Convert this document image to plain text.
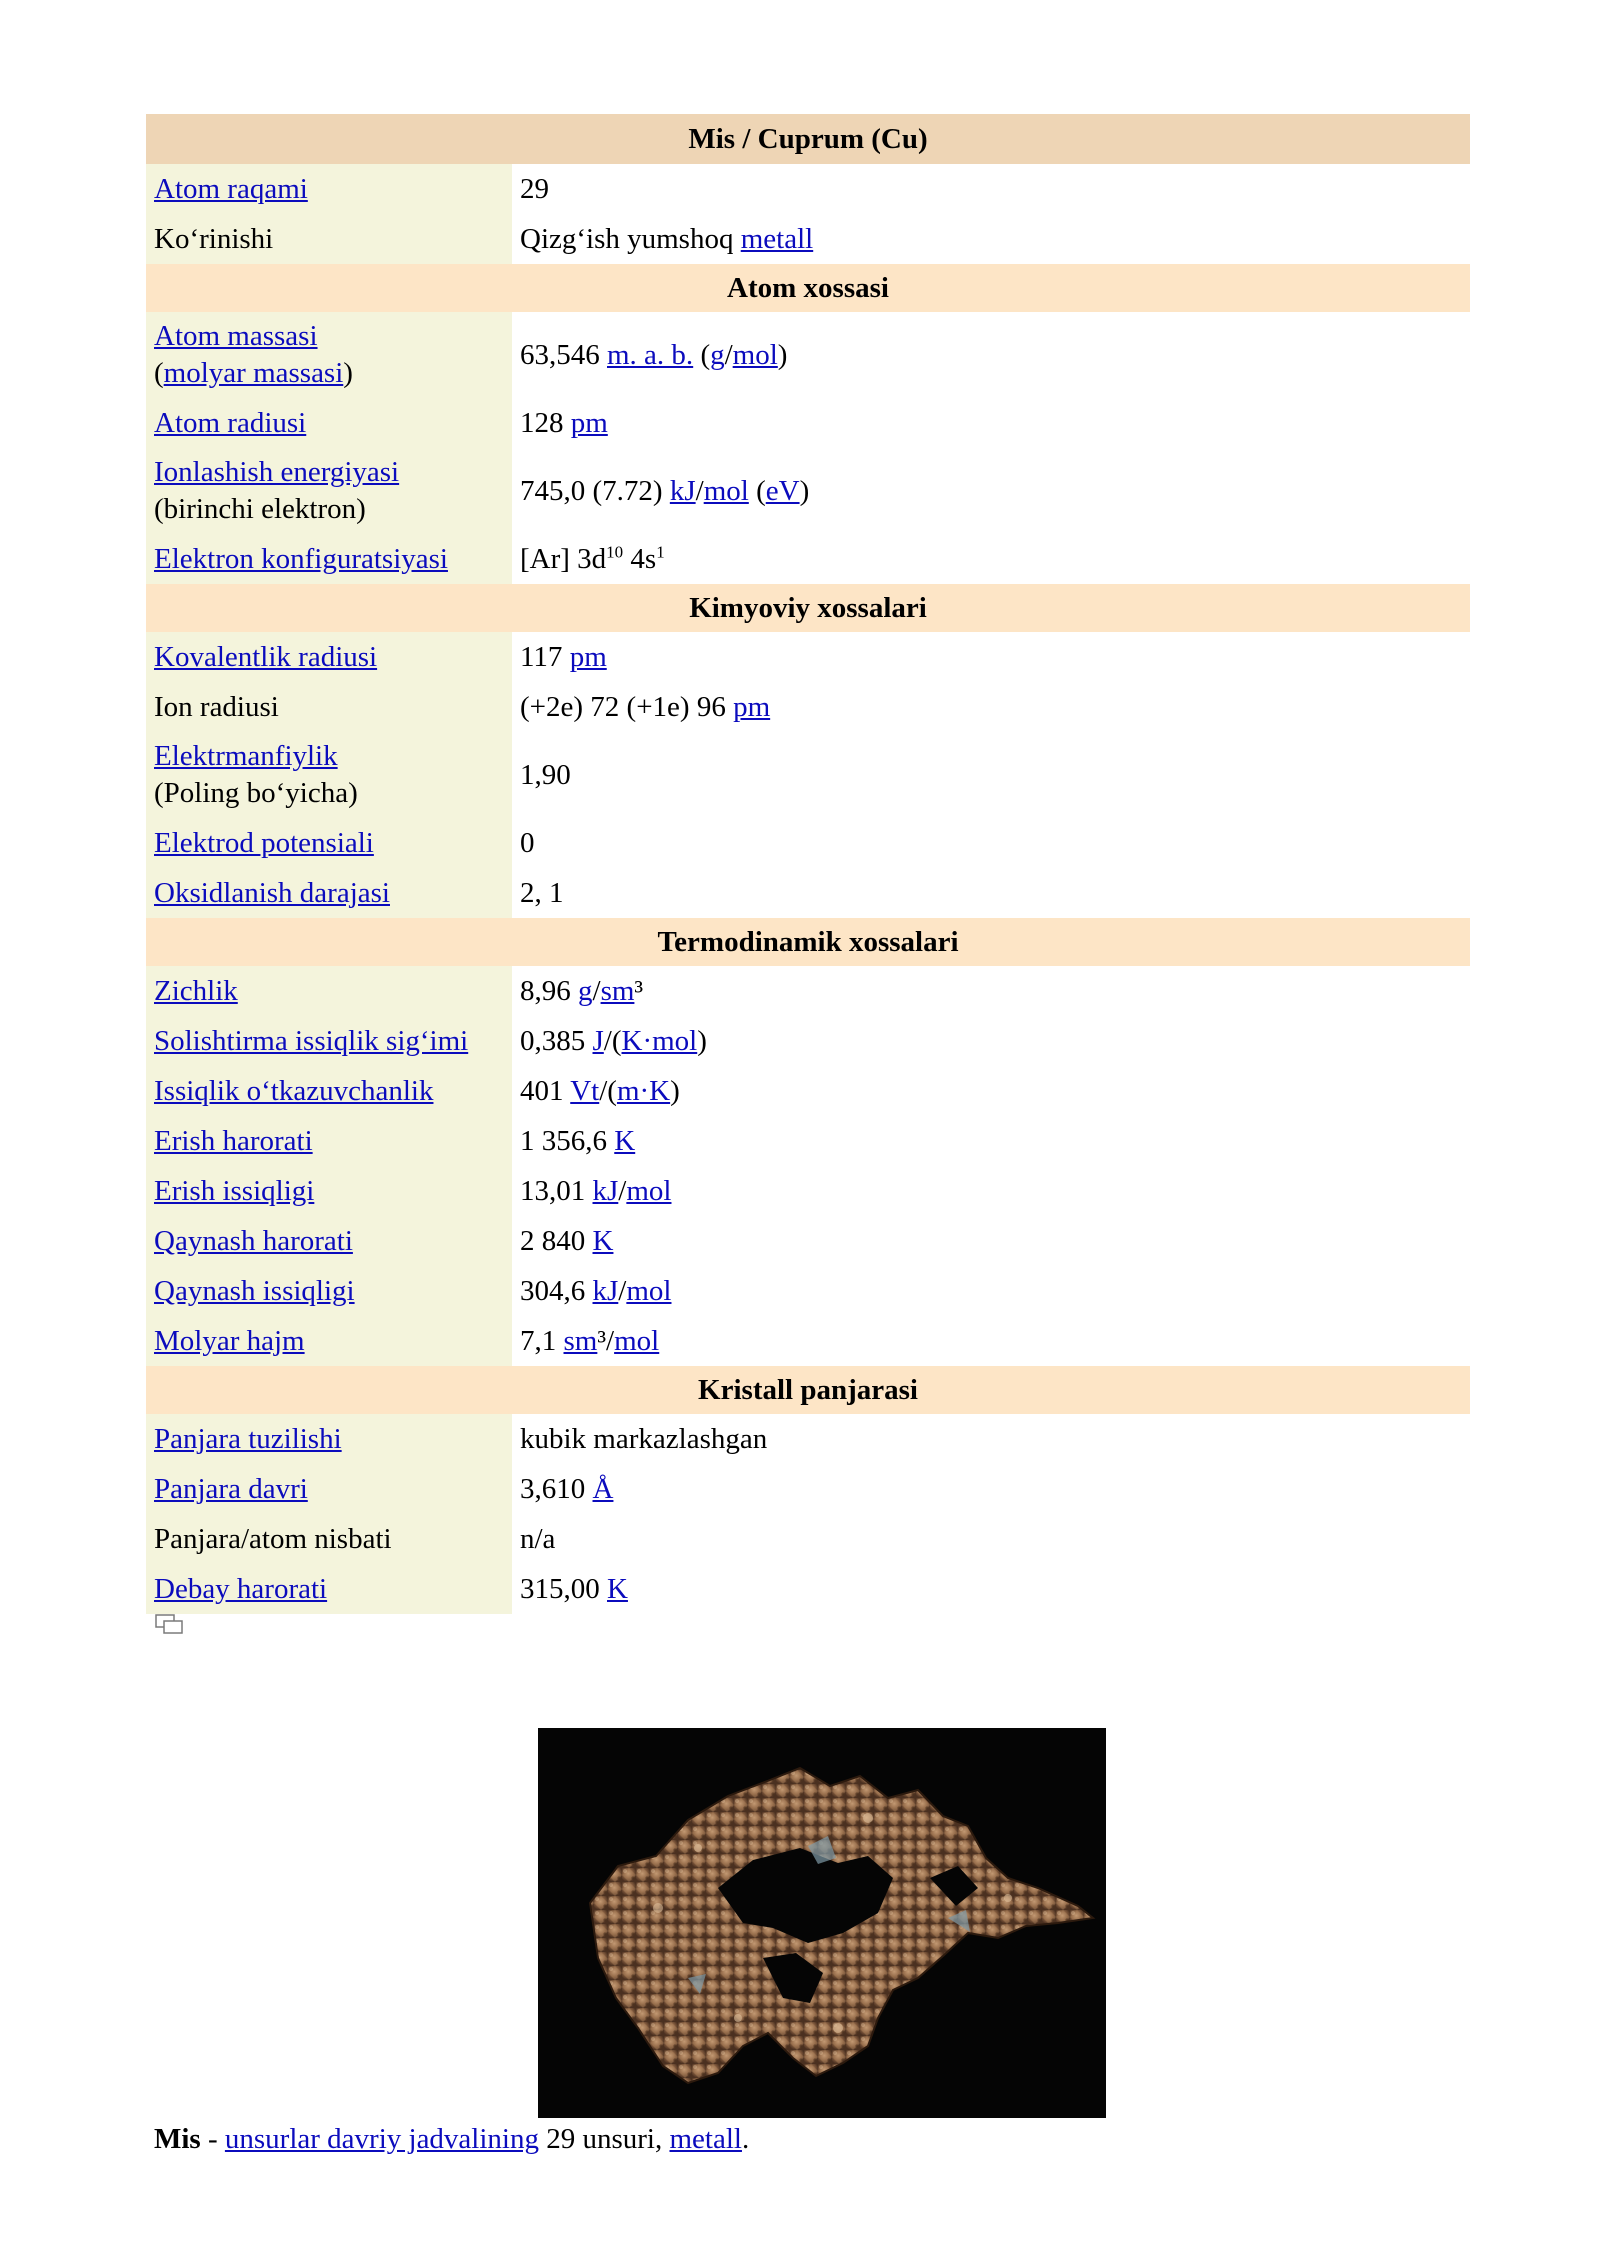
Mis / Cuprum (Cu)	
Atom raqami	29
Ko‘rinishi	Qizg‘ish yumshoq metall
Atom xossasi	
Atom massasi
(molyar massasi)	63,546 m. a. b. (g/mol)
Atom radiusi	128 pm
Ionlashish energiyasi
(birinchi elektron)	745,0 (7.72) kJ/mol (eV)
Elektron konfiguratsiyasi	[Ar] $3d^{10}$ $4s^1$
Kimyoviy xossalari	
Kovalentlik radiusi	117 pm
Ion radiusi	(+2e) 72 (+1e) 96 pm
Elektrmanfiylik
(Poling bo‘yicha)	1,90
Elektrod potensiali	0
Oksidlanish darajasi	2, 1
Termodinamik xossalari	
Zichlik	8,96 g/sm³
Solishtirma issiqlik sig‘imi	0,385 J/(K·mol)
Issiqlik o‘tkazuvchanlik	401 Vt/(m·K)
Erish harorati	1 356,6 K
Erish issiqligi	13,01 kJ/mol
Qaynash harorati	2 840 K
Qaynash issiqligi	304,6 kJ/mol
Molyar hajm	7,1 sm³/mol
Kristall panjarasi	
Panjara tuzilishi	kubik markazlashgan
Panjara davri	3,610 Å
Panjara/atom nisbati	n/a
Debay harorati	315,00 K
Mis - unsurlar davriy jadvalining 29 unsuri, metall.
